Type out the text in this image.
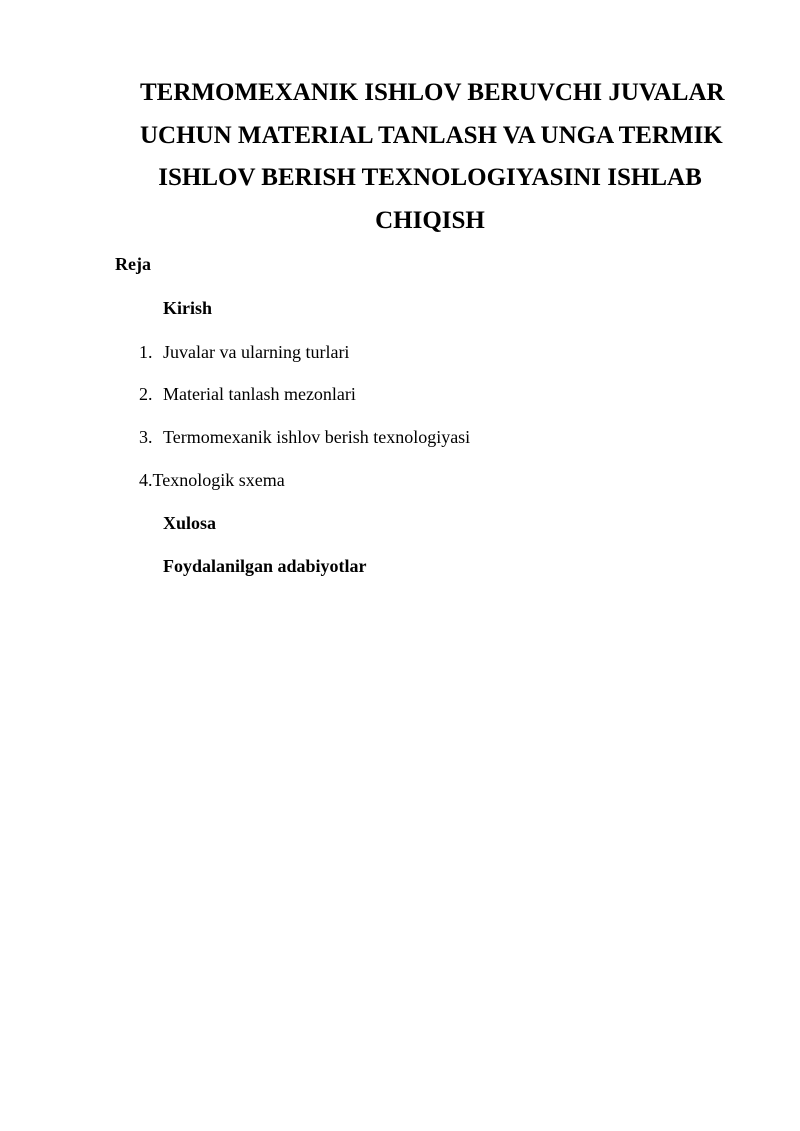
TERMOMEXANIK ISHLOV BERUVCHI JUVALAR
UCHUN MATERIAL TANLASH VA UNGA TERMIK
ISHLOV BERISH TEXNOLOGIYASINI ISHLAB
CHIQISH
Reja
Kirish
1. Juvalar va ularning turlari
2. Material tanlash mezonlari
3. Termomexanik ishlov berish texnologiyasi
4.Texnologik sxema
Xulosa
Foydalanilgan adabiyotlar
